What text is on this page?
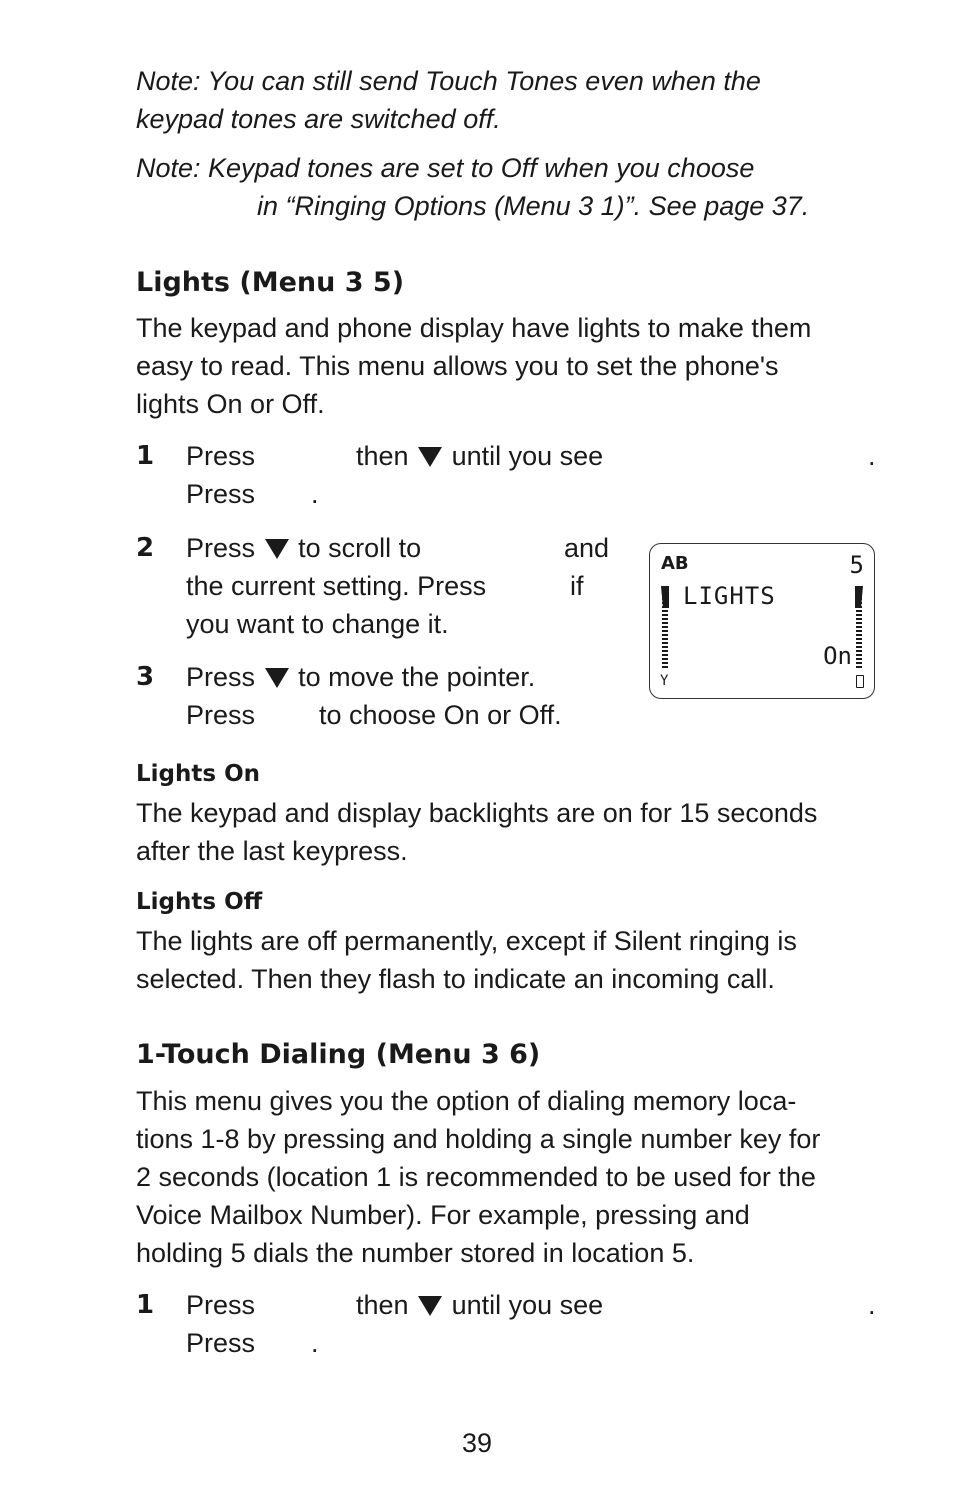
Note: You can still send Touch Tones even when the
keypad tones are switched off.
Note: Keypad tones are set to Off when you choose
in “Ringing Options (Menu 3 1)”. See page 37.
Lights (Menu 3 5)
The keypad and phone display have lights to make them
easy to read. This menu allows you to set the phone's
lights On or Off.
1 Press	then until you see	.
Press .
2 Press to scroll to	and
the current setting. Press	if
you want to change it.
3 Press to move the pointer.
Press to choose On or Off.
AB	5
LIGHTS
On
Y
Lights On
The keypad and display backlights are on for 15 seconds
after the last keypress.
Lights Off
The lights are off permanently, except if Silent ringing is
selected. Then they flash to indicate an incoming call.
1-Touch Dialing (Menu 3 6)
This menu gives you the option of dialing memory loca-
tions 1-8 by pressing and holding a single number key for
2 seconds (location 1 is recommended to be used for the
Voice Mailbox Number). For example, pressing and
holding 5 dials the number stored in location 5.
1 Press	then until you see	.
Press .
39
